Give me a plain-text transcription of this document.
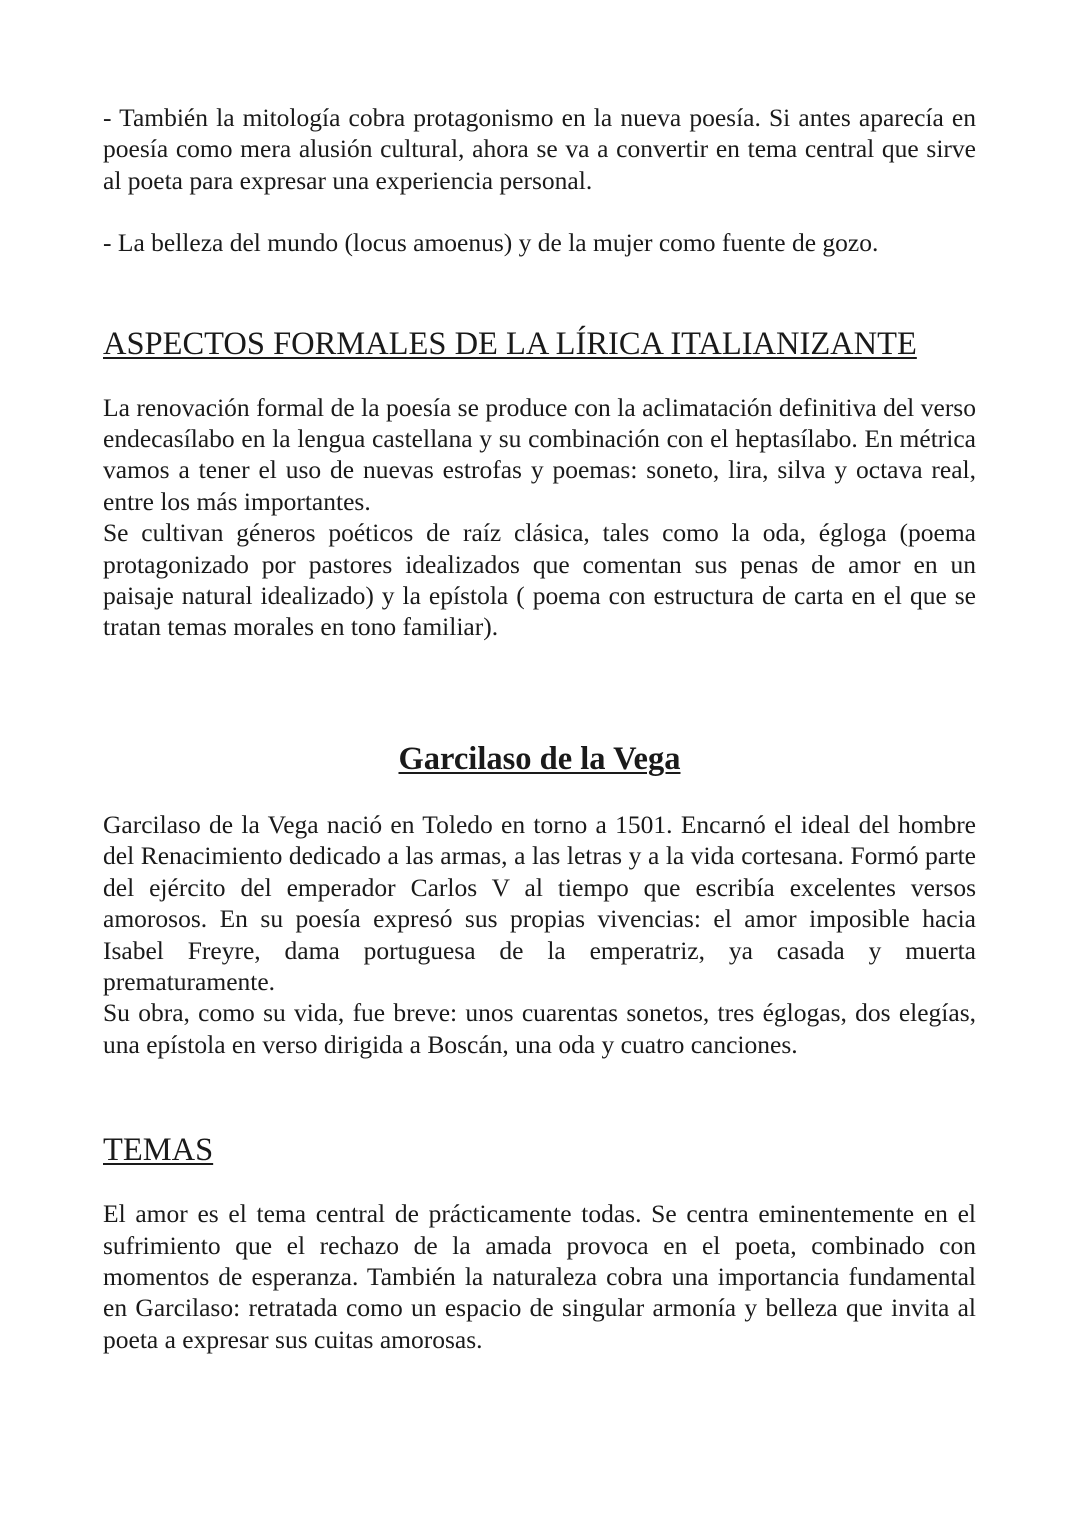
- También la mitología cobra protagonismo en la nueva poesía. Si antes aparecía en poesía como mera alusión cultural, ahora se va a convertir en tema central que sirve al poeta para expresar una experiencia personal.

- La belleza del mundo (locus amoenus) y de la mujer como fuente de gozo.

ASPECTOS FORMALES DE LA LÍRICA ITALIANIZANTE

La renovación formal de la poesía se produce con la aclimatación definitiva del verso endecasílabo en la lengua castellana y su combinación con el heptasílabo. En métrica vamos a tener el uso de nuevas estrofas y poemas: soneto, lira, silva y octava real, entre los más importantes.

Se cultivan géneros poéticos de raíz clásica, tales como la oda, égloga (poema protagonizado por pastores idealizados que comentan sus penas de amor en un paisaje natural idealizado) y la epístola ( poema con estructura de carta en el que se tratan temas morales en tono familiar).

Garcilaso de la Vega

Garcilaso de la Vega nació en Toledo en torno a 1501. Encarnó el ideal del hombre del Renacimiento dedicado a las armas, a las letras y a la vida cortesana. Formó parte del ejército del emperador Carlos V al tiempo que escribía excelentes versos amorosos. En su poesía expresó sus propias vivencias: el amor imposible hacia Isabel Freyre, dama portuguesa de la emperatriz, ya casada y muerta prematuramente.

Su obra, como su vida, fue breve: unos cuarentas sonetos, tres églogas, dos elegías, una epístola en verso dirigida a Boscán, una oda y cuatro canciones.

TEMAS

El amor es el tema central de prácticamente todas. Se centra eminentemente en el sufrimiento que el rechazo de la amada provoca en el poeta, combinado con momentos de esperanza. También la naturaleza cobra una importancia fundamental en Garcilaso: retratada como un espacio de singular armonía y belleza que invita al poeta a expresar sus cuitas amorosas.
